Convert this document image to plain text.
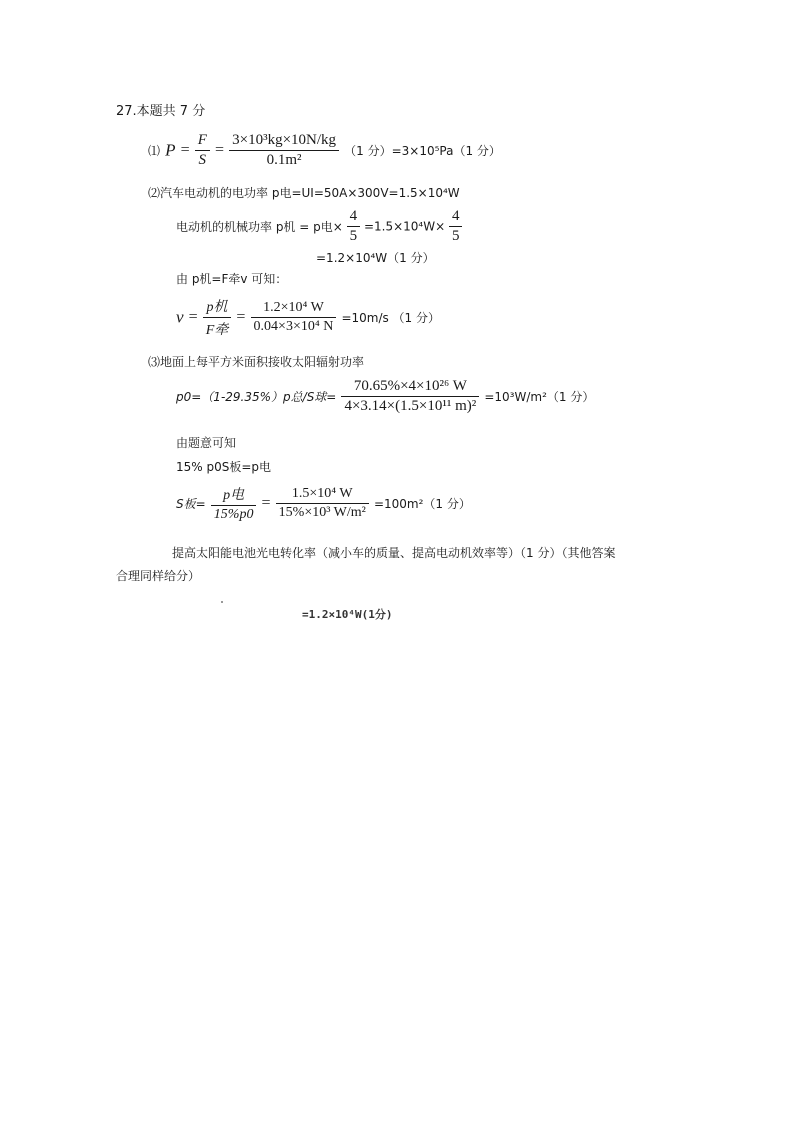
27.本题共 7 分
⑴ $P = \frac{F}{S} = \frac{\text{3×10³kg×10N/kg}}{\text{0.1m²}} (1$ 分）=3×10⁵Pa（1 分）
⑵汽车电动机的电功率 p电=UI=50A×300V=1.5×10⁴W
电动机的机械功率 p机 = p电× $\frac{4}{5} =1.5\times 10^4W\times \frac{4}{5}$
=1.2×10⁴W（1 分）
由 p机=F牵v 可知：
$v = \frac{\text{p机}}{\text{F牵}} = \frac{\text{1.2×10⁴ W}}{\text{0.04×3×10⁴ N}} =10m/s$ （1 分）
⑶地面上每平方米面积接收太阳辐射功率
p0=（1-29.35%）p总/S球= $\frac{\text{70.65\%×4×10²⁶ W}}{\text{4×3.14×(1.5×10¹¹ m)²}} =10^3W/m^2(1$ 分）
由题意可知
15% p0S板=p电
S板= $\frac{\text{p电}}{15\%p0} = \frac{\text{1.5×10⁴ W}}{\text{15\%×10³ W/m²}} =100m^2(1$ 分）
提高太阳能电池光电转化率（减小车的质量、提高电动机效率等）（1 分）（其他答案
合理同样给分）
=1.2×10⁴W(1分)
